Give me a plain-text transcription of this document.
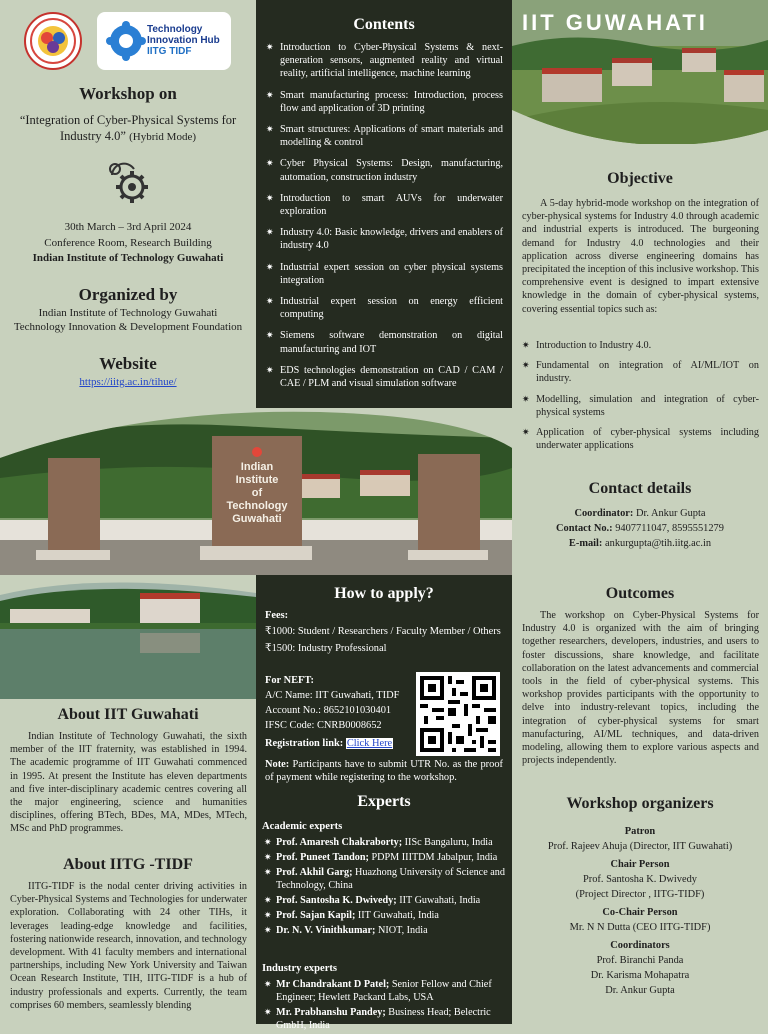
Technology
Innovation Hub
IITG TIDF
Workshop on
“Integration of Cyber-Physical Systems for Industry 4.0” (Hybrid Mode)
30th March – 3rd April 2024
Conference Room, Research Building
Indian Institute of Technology Guwahati
Organized by
Indian Institute of Technology Guwahati
Technology Innovation & Development Foundation
Website
https://iitg.ac.in/tihue/
Contents
✷ Introduction to Cyber-Physical Systems & next-generation sensors, augmented reality and virtual reality, artificial intelligence, machine learning
✷ Smart manufacturing process: Introduction, process flow and application of 3D printing
✷ Smart structures: Applications of smart materials and modelling & control
✷ Cyber Physical Systems: Design, manufacturing, automation, construction industry
✷ Introduction to smart AUVs for underwater exploration
✷ Industry 4.0: Basic knowledge, drivers and enablers of industry 4.0
✷ Industrial expert session on cyber physical systems integration
✷ Industrial expert session on energy efficient computing
✷ Siemens software demonstration on digital manufacturing and IOT
✷ EDS technologies demonstration on CAD / CAM / CAE / PLM and visual simulation software
IIT GUWAHATI
Objective
A 5-day hybrid-mode workshop on the integration of cyber-physical systems for Industry 4.0 through academic and industrial experts is introduced. The burgeoning demand for Industry 4.0 technologies and their application across diverse engineering domains has precipitated the inception of this inclusive workshop. This comprehensive event is designed to impart extensive knowledge in the domain of cyber-physical systems, covering essential topics such as:
✷ Introduction to Industry 4.0.
✷ Fundamental on integration of AI/ML/IOT on industry.
✷ Modelling, simulation and integration of cyber-physical systems
✷ Application of cyber-physical systems including underwater applications
Contact details
Coordinator: Dr. Ankur Gupta
Contact No.: 9407711047, 8595551279
E-mail: ankurgupta@tih.iitg.ac.in
Indian
Institute
of
Technology
Guwahati
About IIT Guwahati
Indian Institute of Technology Guwahati, the sixth member of the IIT fraternity, was established in 1994. The academic programme of IIT Guwahati commenced in 1995. At present the Institute has eleven departments and five inter-disciplinary academic centres covering all the major engineering, science and humanities disciplines, offering BTech, BDes, MA, MDes, MTech, MSc and PhD programmes.
About IITG -TIDF
IITG-TIDF is the nodal center driving activities in Cyber-Physical Systems and Technologies for underwater exploration. Collaborating with 24 other TIHs, it leverages leading-edge knowledge and facilities, fostering nationwide research, innovation, and technology development. With 41 faculty members and international partnerships, including New York University and Taiwan Ocean Research Institute, TIH, IITG-TIDF is a hub of industry professionals and experts. Currently, the team comprises 60 members, seamlessly blending
How to apply?

Fees:

₹1000: Student / Researchers / Faculty Member / Others

₹1500: Industry Professional

For NEFT:
A/C Name: IIT Guwahati, TIDF
Account No.: 8652101030401
IFSC Code: CNRB0008652
Registration link: Click Here
Note: Participants have to submit UTR No. as the proof of payment while registering to the workshop.
Experts
Academic experts
✷ Prof. Amaresh Chakraborty; IISc Bangaluru, India
✷ Prof. Puneet Tandon; PDPM IIITDM Jabalpur, India
✷ Prof. Akhil Garg; Huazhong University of Science and Technology, China
✷ Prof. Santosha K. Dwivedy; IIT Guwahati, India
✷ Prof. Sajan Kapil; IIT Guwahati, India
✷ Dr. N. V. Vinithkumar; NIOT, India
Industry experts
✷ Mr Chandrakant D Patel; Senior Fellow and Chief Engineer; Hewlett Packard Labs, USA
✷ Mr. Prabhanshu Pandey; Business Head; Belectric GmbH, India
Outcomes
The workshop on Cyber-Physical Systems for Industry 4.0 is organized with the aim of bringing together researchers, developers, industries, and users to foster discussions, share knowledge, and facilitate collaboration on the latest advancements and commercial tools in the field of cyber-physical systems. This workshop provides participants with the opportunity to delve into industry-relevant topics, including the integration of cyber-physical systems for smart manufacturing, AI/ML techniques, and data-driven modeling, allowing them to explore various aspects and projects independently.
Workshop organizers
Patron
Prof. Rajeev Ahuja (Director, IIT Guwahati)
Chair Person
Prof. Santosha K. Dwivedy
(Project Director , IITG-TIDF)
Co-Chair Person
Mr. N N Dutta (CEO IITG-TIDF)
Coordinators
Prof. Biranchi Panda
Dr. Karisma Mohapatra
Dr. Ankur Gupta
